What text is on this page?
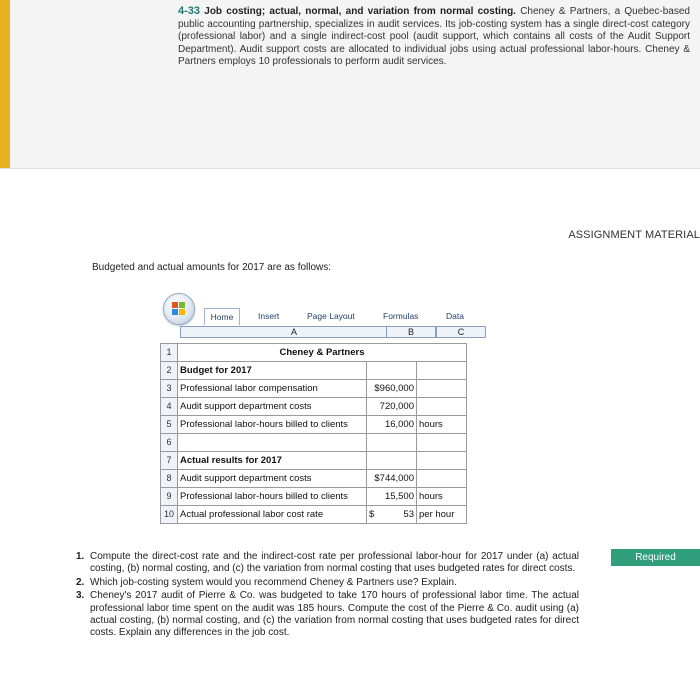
4-33 Job costing; actual, normal, and variation from normal costing. Cheney & Partners, a Quebec-based public accounting partnership, specializes in audit services. Its job-costing system has a single direct-cost category (professional labor) and a single indirect-cost pool (audit support, which contains all costs of the Audit Support Department). Audit support costs are allocated to individual jobs using actual professional labor-hours. Cheney & Partners employs 10 professionals to perform audit services.
ASSIGNMENT MATERIAL
Budgeted and actual amounts for 2017 are as follows:
Home	Insert	Page Layout	Formulas	Data
A	B	C
1	Cheney & Partners		
2	Budget for 2017		
3	Professional labor compensation	$960,000	
4	Audit support department costs	720,000	
5	Professional labor-hours billed to clients	16,000	hours
6			
7	Actual results for 2017		
8	Audit support department costs	$744,000	
9	Professional labor-hours billed to clients	15,500	hours
10	Actual professional labor cost rate	$ 53	per hour
Required
1. Compute the direct-cost rate and the indirect-cost rate per professional labor-hour for 2017 under (a) actual costing, (b) normal costing, and (c) the variation from normal costing that uses budgeted rates for direct costs.
2. Which job-costing system would you recommend Cheney & Partners use? Explain.
3. Cheney's 2017 audit of Pierre & Co. was budgeted to take 170 hours of professional labor time. The actual professional labor time spent on the audit was 185 hours. Compute the cost of the Pierre & Co. audit using (a) actual costing, (b) normal costing, and (c) the variation from normal costing that uses budgeted rates for direct costs. Explain any differences in the job cost.
